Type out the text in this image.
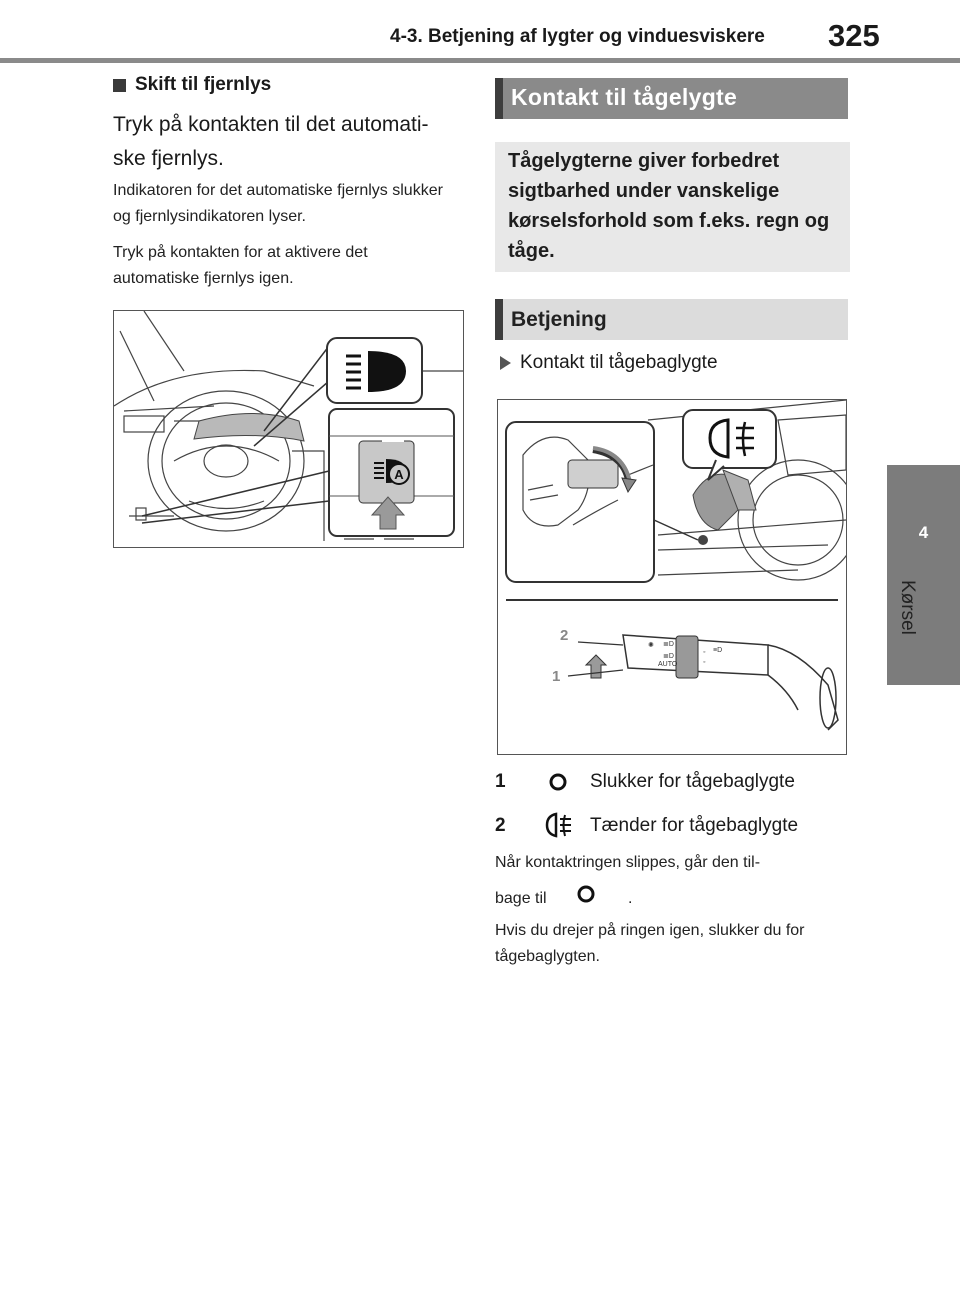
4-3. Betjening af lygter og vinduesviskere 325
4
Kørsel
Skift til fjernlys
Tryk på kontakten til det automati-ske fjernlys.
Indikatoren for det automatiske fjernlys slukker og fjernlysindikatoren lyser.
Tryk på kontakten for at aktivere det automatiske fjernlys igen.
A
Kontakt til tågelygte
Tågelygterne giver forbedret sigtbarhed under vanskelige kørselsforhold som f.eks. regn og tåge.
Betjening
Kontakt til tågebaglygte
✺ ≣D
≣D
AUTO
◦
◦
≡D
2
1
1	Slukker for tågebaglygte
2	Tænder for tågebaglygte
Når kontaktringen slippes, går den til-
bage til	.
Hvis du drejer på ringen igen, slukker du for tågebaglygten.
